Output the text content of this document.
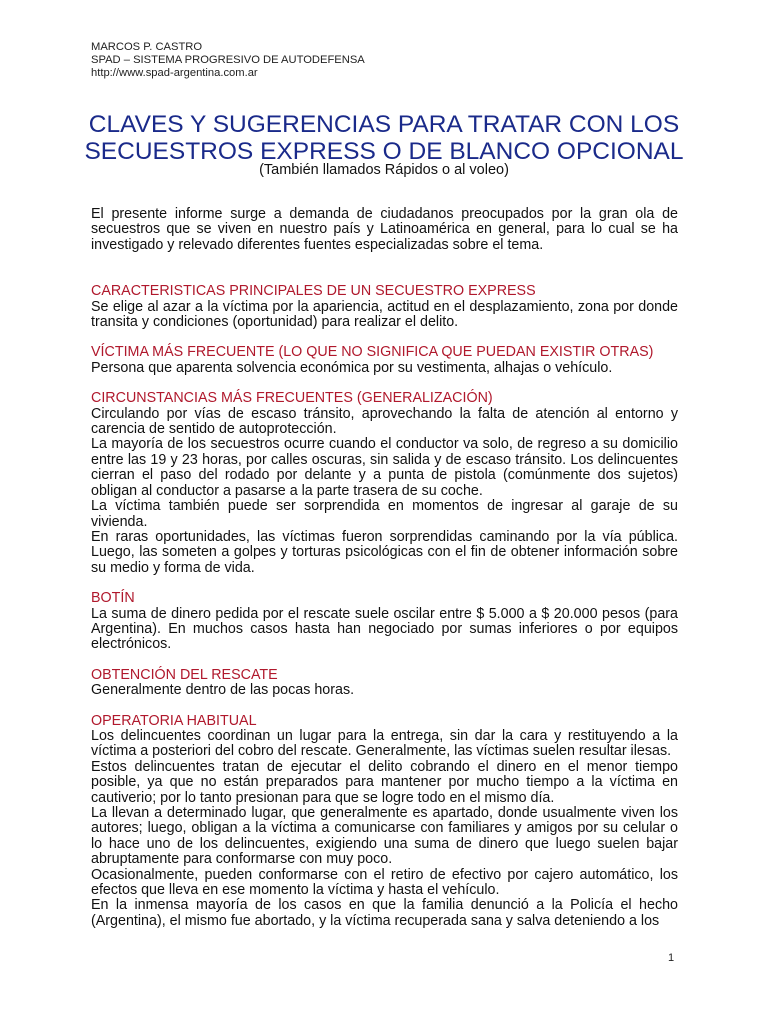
MARCOS P. CASTRO
SPAD – SISTEMA PROGRESIVO DE AUTODEFENSA
http://www.spad-argentina.com.ar
CLAVES Y SUGERENCIAS PARA TRATAR CON LOS
SECUESTROS EXPRESS O DE BLANCO OPCIONAL
(También llamados Rápidos o al voleo)

El presente informe surge a demanda de ciudadanos preocupados por la gran ola de secuestros que se viven en nuestro país y Latinoamérica en general, para lo cual se ha investigado y relevado diferentes fuentes especializadas sobre el tema.

CARACTERISTICAS PRINCIPALES DE UN SECUESTRO EXPRESS

Se elige al azar a la víctima por la apariencia, actitud en el desplazamiento, zona por donde transita y condiciones (oportunidad) para realizar el delito.

VÍCTIMA MÁS FRECUENTE (LO QUE NO SIGNIFICA QUE PUEDAN EXISTIR OTRAS)

Persona que aparenta solvencia económica por su vestimenta, alhajas o vehículo.

CIRCUNSTANCIAS MÁS FRECUENTES (GENERALIZACIÓN)

Circulando por vías de escaso tránsito, aprovechando la falta de atención al entorno y carencia de sentido de autoprotección.

La mayoría de los secuestros ocurre cuando el conductor va solo, de regreso a su domicilio entre las 19 y 23 horas, por calles oscuras, sin salida y de escaso tránsito. Los delincuentes cierran el paso del rodado por delante y a punta de pistola (comúnmente dos sujetos) obligan al conductor a pasarse a la parte trasera de su coche.

La víctima también puede ser sorprendida en momentos de ingresar al garaje de su vivienda.

En raras oportunidades, las víctimas fueron sorprendidas caminando por la vía pública. Luego, las someten a golpes y torturas psicológicas con el fin de obtener información sobre su medio y forma de vida.

BOTÍN

La suma de dinero pedida por el rescate suele oscilar entre $ 5.000 a $ 20.000 pesos (para Argentina). En muchos casos hasta han negociado por sumas inferiores o por equipos electrónicos.

OBTENCIÓN DEL RESCATE

Generalmente dentro de las pocas horas.

OPERATORIA HABITUAL

Los delincuentes coordinan un lugar para la entrega, sin dar la cara y restituyendo a la víctima a posteriori del cobro del rescate. Generalmente, las víctimas suelen resultar ilesas.

Estos delincuentes tratan de ejecutar el delito cobrando el dinero en el menor tiempo posible, ya que no están preparados para mantener por mucho tiempo a la víctima en cautiverio; por lo tanto presionan para que se logre todo en el mismo día.

La llevan a determinado lugar, que generalmente es apartado, donde usualmente viven los autores; luego, obligan a la víctima a comunicarse con familiares y amigos por su celular o lo hace uno de los delincuentes, exigiendo una suma de dinero que luego suelen bajar abruptamente para conformarse con muy poco.

Ocasionalmente, pueden conformarse con el retiro de efectivo por cajero automático, los efectos que lleva en ese momento la víctima y hasta el vehículo.

En la inmensa mayoría de los casos en que la familia denunció a la Policía el hecho (Argentina), el mismo fue abortado, y la víctima recuperada sana y salva deteniendo a los

1
